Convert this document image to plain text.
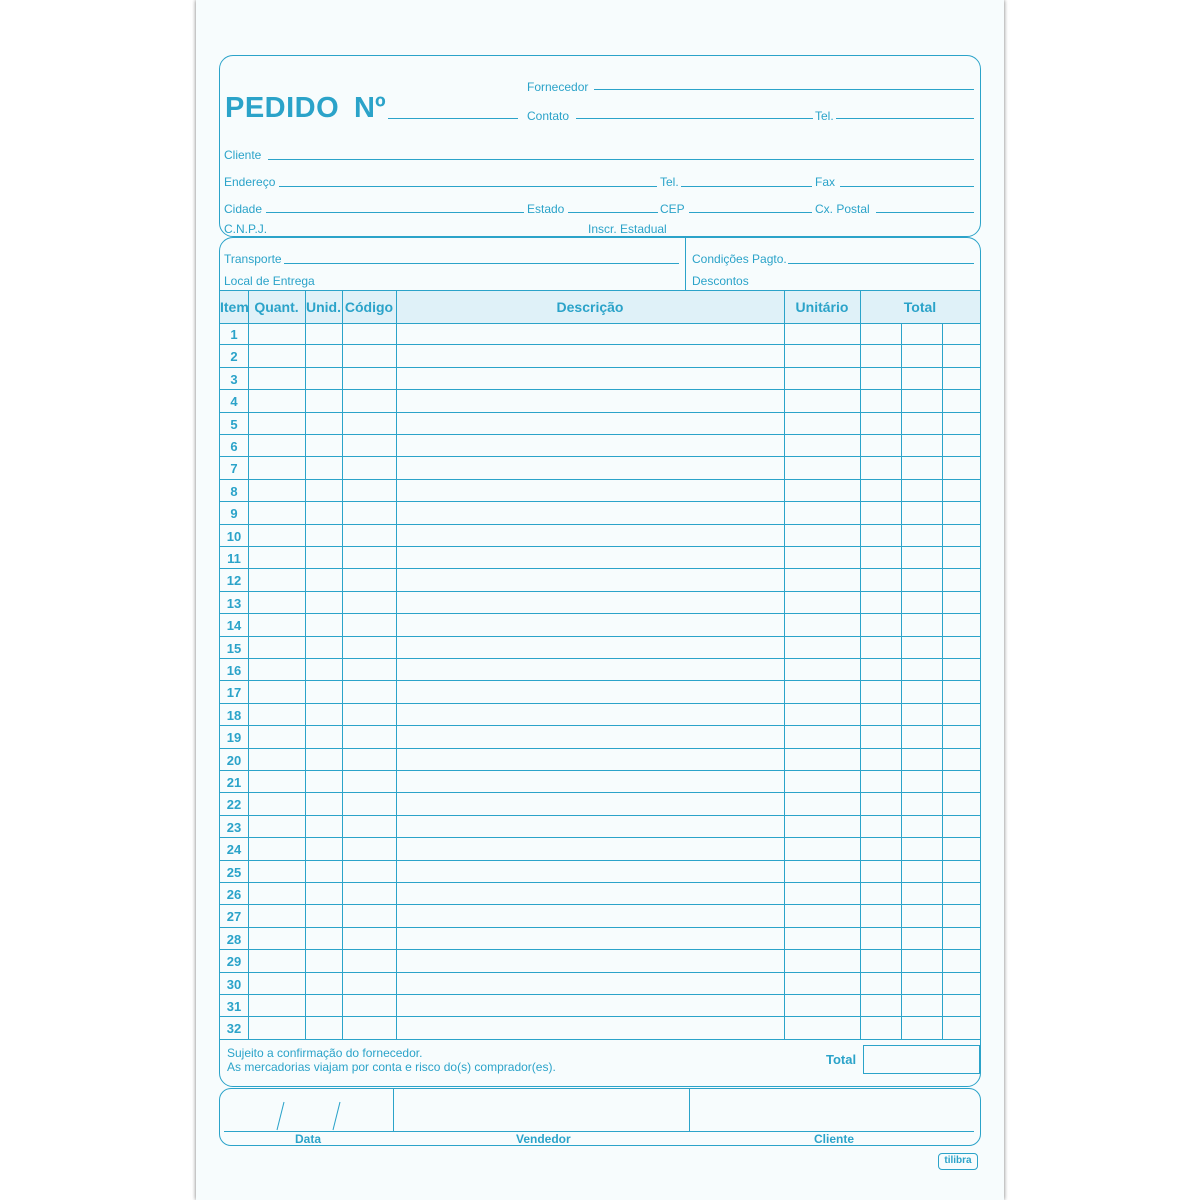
PEDIDO Nº
Fornecedor
Contato	Tel.
Cliente
Endereço	Tel.	Fax
Cidade	Estado	CEP	Cx. Postal
C.N.P.J.	Inscr. Estadual
Transporte
Local de Entrega
Condições Pagto.
Descontos
Item Quant. Unid. Código	Descrição	Unitário	Total
1
2
3
4
5
6
7
8
9
10
11
12
13
14
15
16
17
18
19
20
21
22
23
24
25
26
27
28
29
30
31
32
Sujeito a confirmação do fornecedor.
As mercadorias viajam por conta e risco do(s) comprador(es).	Total
Data	Vendedor	Cliente
tilibra
